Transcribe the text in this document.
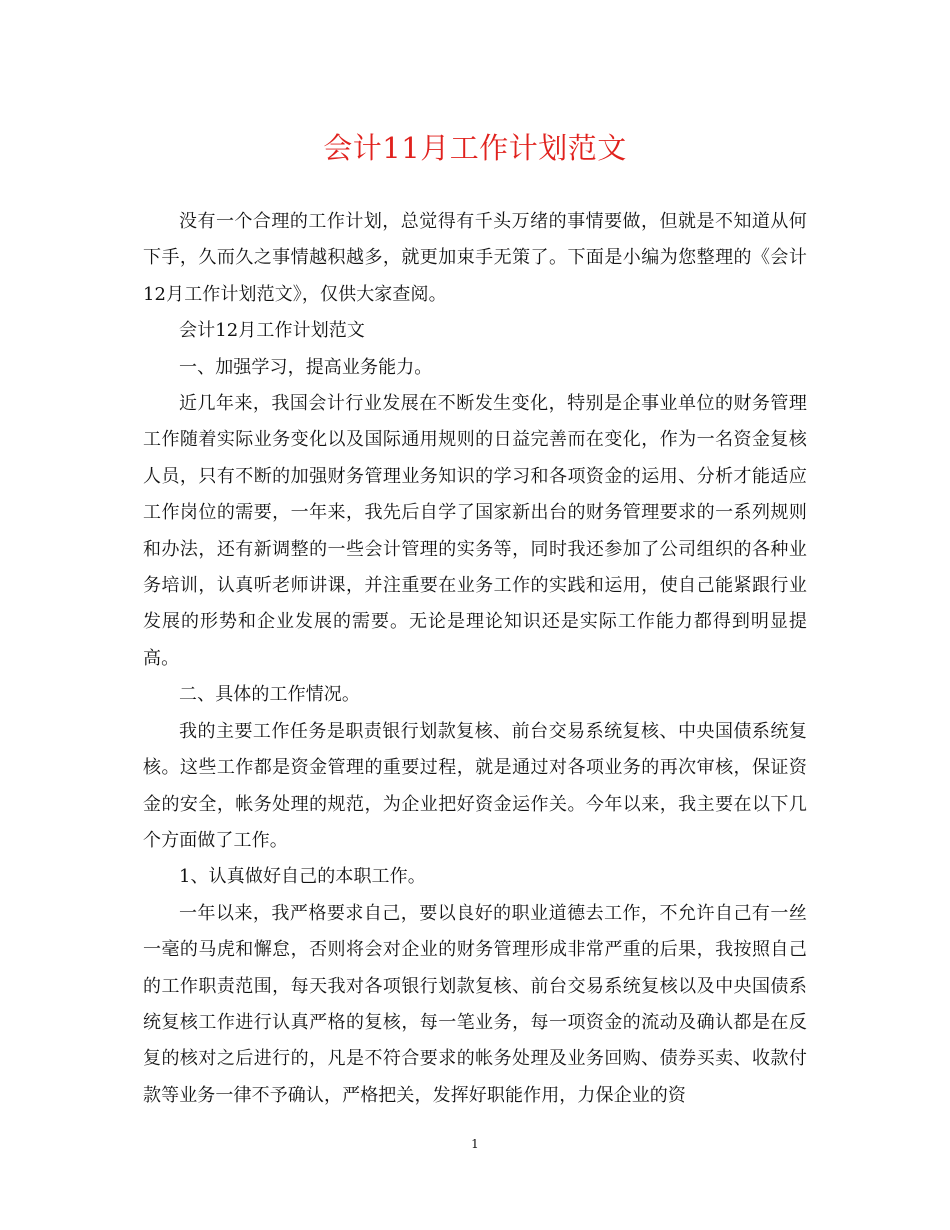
会计11月工作计划范文

没有一个合理的工作计划，总觉得有千头万绪的事情要做，但就是不知道从何下手，久而久之事情越积越多，就更加束手无策了。下面是小编为您整理的《会计12月工作计划范文》，仅供大家查阅。

会计12月工作计划范文

一、加强学习，提高业务能力。

近几年来，我国会计行业发展在不断发生变化，特别是企事业单位的财务管理工作随着实际业务变化以及国际通用规则的日益完善而在变化，作为一名资金复核人员，只有不断的加强财务管理业务知识的学习和各项资金的运用、分析才能适应工作岗位的需要，一年来，我先后自学了国家新出台的财务管理要求的一系列规则和办法，还有新调整的一些会计管理的实务等，同时我还参加了公司组织的各种业务培训，认真听老师讲课，并注重要在业务工作的实践和运用，使自己能紧跟行业发展的形势和企业发展的需要。无论是理论知识还是实际工作能力都得到明显提高。

二、具体的工作情况。

我的主要工作任务是职责银行划款复核、前台交易系统复核、中央国债系统复核。这些工作都是资金管理的重要过程，就是通过对各项业务的再次审核，保证资金的安全，帐务处理的规范，为企业把好资金运作关。今年以来，我主要在以下几个方面做了工作。

1、认真做好自己的本职工作。

一年以来，我严格要求自己，要以良好的职业道德去工作，不允许自己有一丝一毫的马虎和懈怠，否则将会对企业的财务管理形成非常严重的后果，我按照自己的工作职责范围，每天我对各项银行划款复核、前台交易系统复核以及中央国债系统复核工作进行认真严格的复核，每一笔业务，每一项资金的流动及确认都是在反复的核对之后进行的，凡是不符合要求的帐务处理及业务回购、债券买卖、收款付款等业务一律不予确认，严格把关，发挥好职能作用，力保企业的资

1
